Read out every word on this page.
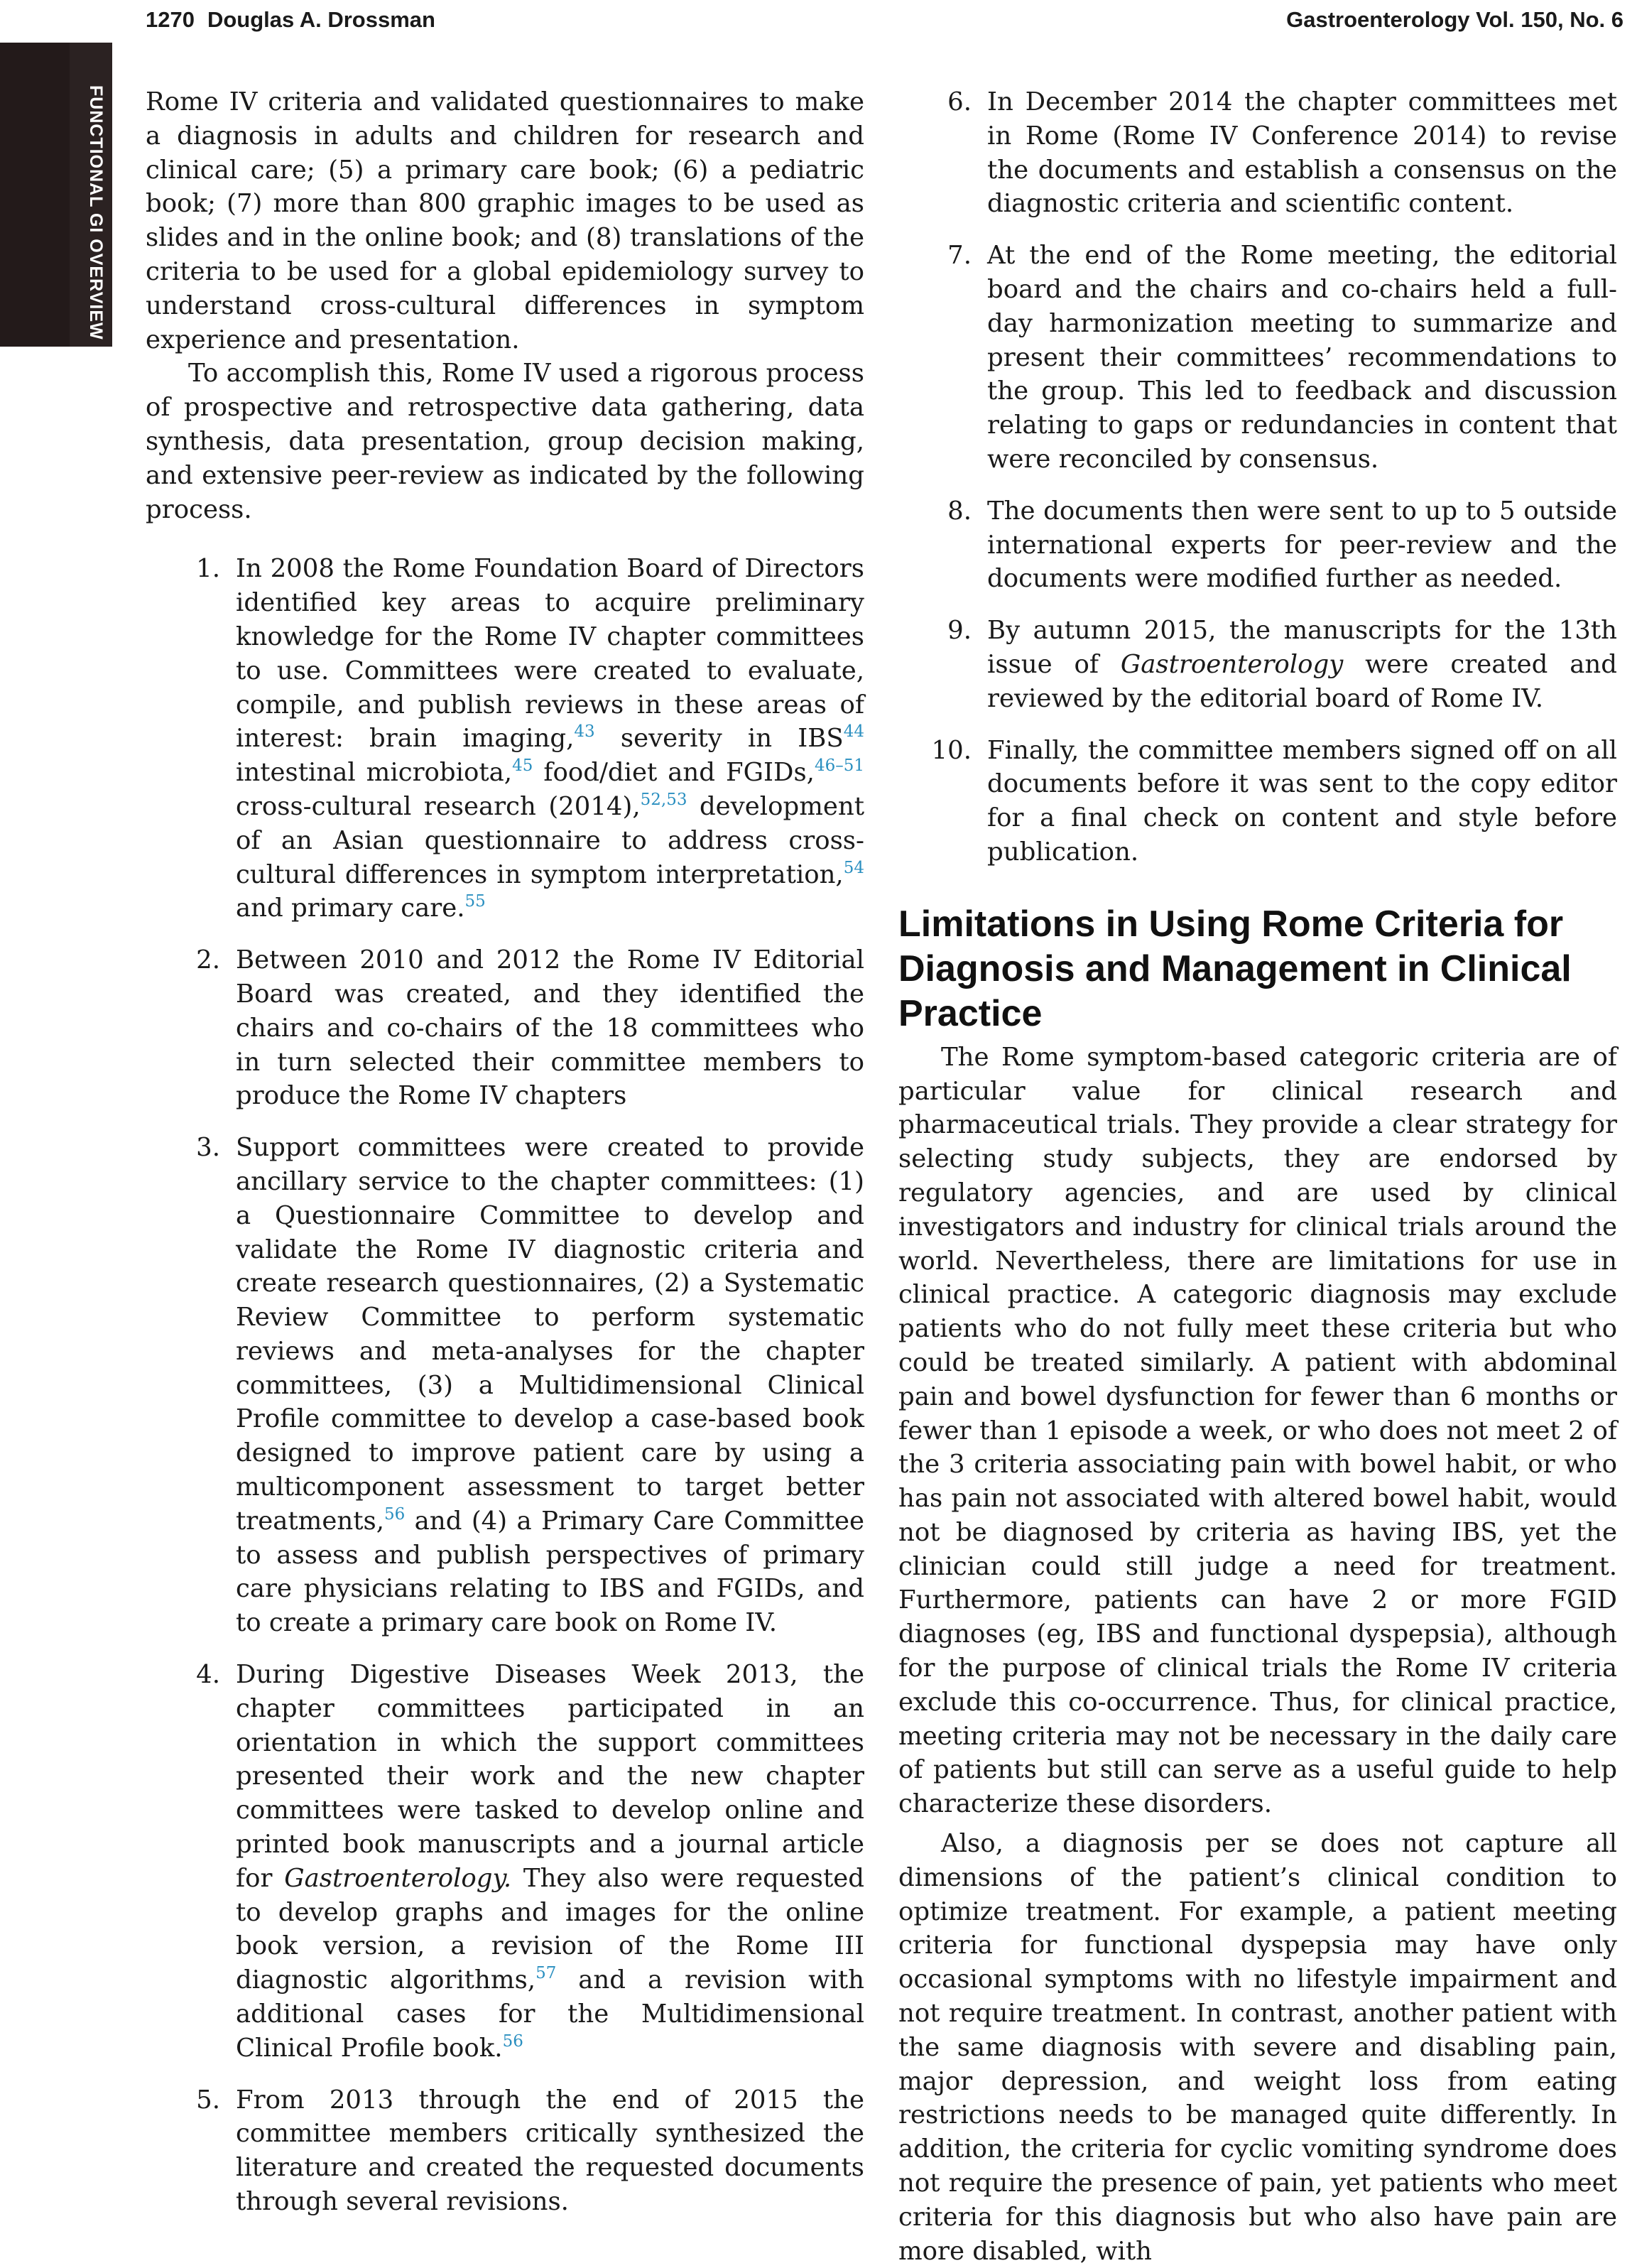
1270 Douglas A. Drossman	Gastroenterology Vol. 150, No. 6
FUNCTIONAL GI OVERVIEW Rome IV criteria and validated questionnaires to make a diagnosis in adults and children for research and clinical care; (5) a primary care book; (6) a pediatric book; (7) more than 800 graphic images to be used as slides and in the online book; and (8) translations of the criteria to be used for a global epidemiology survey to understand cross-cultural differences in symptom experience and presentation.

To accomplish this, Rome IV used a rigorous process of prospective and retrospective data gathering, data synthesis, data presentation, group decision making, and extensive peer-review as indicated by the following process.

1. In 2008 the Rome Foundation Board of Directors identified key areas to acquire preliminary knowledge for the Rome IV chapter committees to use. Committees were created to evaluate, compile, and publish reviews in these areas of interest: brain imaging,$^{43}$ severity in IBS$^{44}$ intestinal microbiota,$^{45}$ food/diet and FGIDs,$^{46-51}$ cross-cultural research (2014),$^{52,53}$ development of an Asian questionnaire to address cross-cultural differences in symptom interpretation,$^{54}$ and primary care.$^{55}$
2. Between 2010 and 2012 the Rome IV Editorial Board was created, and they identified the chairs and co-chairs of the 18 committees who in turn selected their committee members to produce the Rome IV chapters
3. Support committees were created to provide ancillary service to the chapter committees: (1) a Questionnaire Committee to develop and validate the Rome IV diagnostic criteria and create research questionnaires, (2) a Systematic Review Committee to perform systematic reviews and meta-analyses for the chapter committees, (3) a Multidimensional Clinical Profile committee to develop a case-based book designed to improve patient care by using a multicomponent assessment to target better treatments,$^{56}$ and (4) a Primary Care Committee to assess and publish perspectives of primary care physicians relating to IBS and FGIDs, and to create a primary care book on Rome IV.
4. During Digestive Diseases Week 2013, the chapter committees participated in an orientation in which the support committees presented their work and the new chapter committees were tasked to develop online and printed book manuscripts and a journal article for Gastroenterology. They also were requested to develop graphs and images for the online book version, a revision of the Rome III diagnostic algorithms,$^{57}$ and a revision with additional cases for the Multidimensional Clinical Profile book.$^{56}$
5. From 2013 through the end of 2015 the committee members critically synthesized the literature and created the requested documents through several revisions.
6. In December 2014 the chapter committees met in Rome (Rome IV Conference 2014) to revise the documents and establish a consensus on the diagnostic criteria and scientific content.
7. At the end of the Rome meeting, the editorial board and the chairs and co-chairs held a full-day harmonization meeting to summarize and present their committees’ recommendations to the group. This led to feedback and discussion relating to gaps or redundancies in content that were reconciled by consensus.
8. The documents then were sent to up to 5 outside international experts for peer-review and the documents were modified further as needed.
9. By autumn 2015, the manuscripts for the 13th issue of Gastroenterology were created and reviewed by the editorial board of Rome IV.
10. Finally, the committee members signed off on all documents before it was sent to the copy editor for a final check on content and style before publication.
Limitations in Using Rome Criteria for Diagnosis and Management in Clinical Practice

The Rome symptom-based categoric criteria are of particular value for clinical research and pharmaceutical trials. They provide a clear strategy for selecting study subjects, they are endorsed by regulatory agencies, and are used by clinical investigators and industry for clinical trials around the world. Nevertheless, there are limitations for use in clinical practice. A categoric diagnosis may exclude patients who do not fully meet these criteria but who could be treated similarly. A patient with abdominal pain and bowel dysfunction for fewer than 6 months or fewer than 1 episode a week, or who does not meet 2 of the 3 criteria associating pain with bowel habit, or who has pain not associated with altered bowel habit, would not be diagnosed by criteria as having IBS, yet the clinician could still judge a need for treatment. Furthermore, patients can have 2 or more FGID diagnoses (eg, IBS and functional dyspepsia), although for the purpose of clinical trials the Rome IV criteria exclude this co-occurrence. Thus, for clinical practice, meeting criteria may not be necessary in the daily care of patients but still can serve as a useful guide to help characterize these disorders.

Also, a diagnosis per se does not capture all dimensions of the patient’s clinical condition to optimize treatment. For example, a patient meeting criteria for functional dyspepsia may have only occasional symptoms with no lifestyle impairment and not require treatment. In contrast, another patient with the same diagnosis with severe and disabling pain, major depression, and weight loss from eating restrictions needs to be managed quite differently. In addition, the criteria for cyclic vomiting syndrome does not require the presence of pain, yet patients who meet criteria for this diagnosis but who also have pain are more disabled, with
